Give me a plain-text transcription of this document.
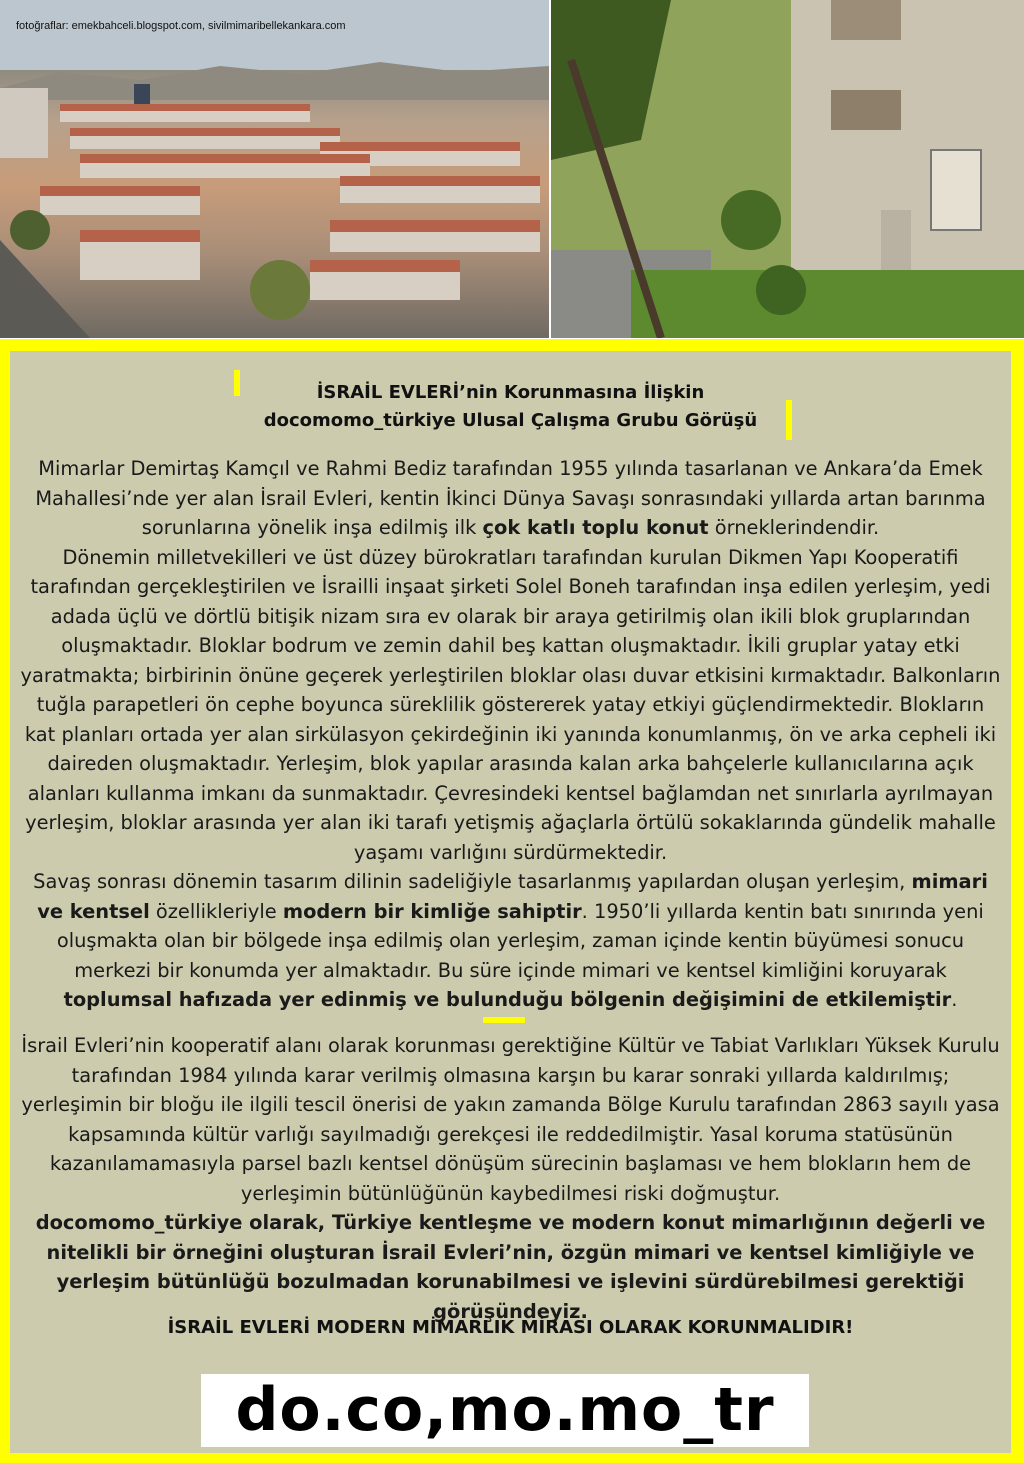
fotoğraflar: emekbahceli.blogspot.com, sivilmimaribellekankara.com

İSRAİL EVLERİ’nin Korunmasına İlişkin

docomomo_türkiye Ulusal Çalışma Grubu Görüşü

Mimarlar Demirtaş Kamçıl ve Rahmi Bediz tarafından 1955 yılında tasarlanan ve Ankara’da Emek Mahallesi’nde yer alan İsrail Evleri, kentin İkinci Dünya Savaşı sonrasındaki yıllarda artan barınma sorunlarına yönelik inşa edilmiş ilk çok katlı toplu konut örneklerindendir.

Dönemin milletvekilleri ve üst düzey bürokratları tarafından kurulan Dikmen Yapı Kooperatifi tarafından gerçekleştirilen ve İsrailli inşaat şirketi Solel Boneh tarafından inşa edilen yerleşim, yedi adada üçlü ve dörtlü bitişik nizam sıra ev olarak bir araya getirilmiş olan ikili blok gruplarından oluşmaktadır. Bloklar bodrum ve zemin dahil beş kattan oluşmaktadır. İkili gruplar yatay etki yaratmakta; birbirinin önüne geçerek yerleştirilen bloklar olası duvar etkisini kırmaktadır. Balkonların tuğla parapetleri ön cephe boyunca süreklilik göstererek yatay etkiyi güçlendirmektedir. Blokların kat planları ortada yer alan sirkülasyon çekirdeğinin iki yanında konumlanmış, ön ve arka cepheli iki daireden oluşmaktadır. Yerleşim, blok yapılar arasında kalan arka bahçelerle kullanıcılarına açık alanları kullanma imkanı da sunmaktadır. Çevresindeki kentsel bağlamdan net sınırlarla ayrılmayan yerleşim, bloklar arasında yer alan iki tarafı yetişmiş ağaçlarla örtülü sokaklarında gündelik mahalle yaşamı varlığını sürdürmektedir.

Savaş sonrası dönemin tasarım dilinin sadeliğiyle tasarlanmış yapılardan oluşan yerleşim, mimari ve kentsel özellikleriyle modern bir kimliğe sahiptir. 1950’li yıllarda kentin batı sınırında yeni oluşmakta olan bir bölgede inşa edilmiş olan yerleşim, zaman içinde kentin büyümesi sonucu merkezi bir konumda yer almaktadır. Bu süre içinde mimari ve kentsel kimliğini koruyarak toplumsal hafızada yer edinmiş ve bulunduğu bölgenin değişimini de etkilemiştir.

İsrail Evleri’nin kooperatif alanı olarak korunması gerektiğine Kültür ve Tabiat Varlıkları Yüksek Kurulu tarafından 1984 yılında karar verilmiş olmasına karşın bu karar sonraki yıllarda kaldırılmış; yerleşimin bir bloğu ile ilgili tescil önerisi de yakın zamanda Bölge Kurulu tarafından 2863 sayılı yasa kapsamında kültür varlığı sayılmadığı gerekçesi ile reddedilmiştir. Yasal koruma statüsünün kazanılamamasıyla parsel bazlı kentsel dönüşüm sürecinin başlaması ve hem blokların hem de yerleşimin bütünlüğünün kaybedilmesi riski doğmuştur.

docomomo_türkiye olarak, Türkiye kentleşme ve modern konut mimarlığının değerli ve nitelikli bir örneğini oluşturan İsrail Evleri’nin, özgün mimari ve kentsel kimliğiyle ve yerleşim bütünlüğü bozulmadan korunabilmesi ve işlevini sürdürebilmesi gerektiği görüşündeyiz.

İSRAİL EVLERİ MODERN MİMARLIK MİRASI OLARAK KORUNMALIDIR!
do.co,mo.mo_tr
